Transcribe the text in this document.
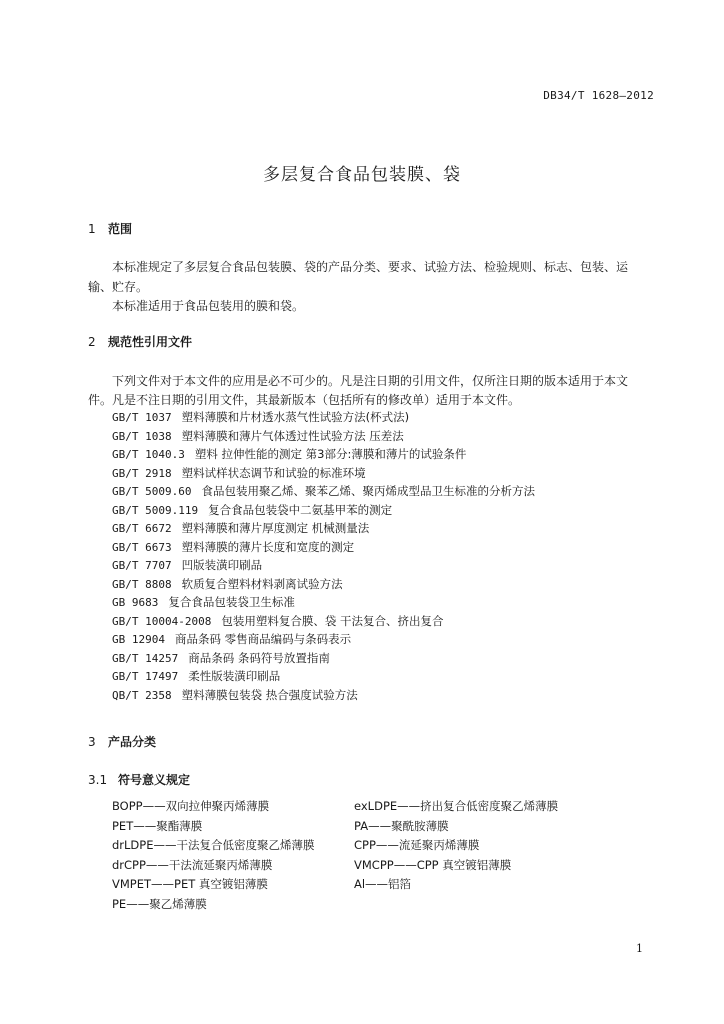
DB34/T 1628—2012
多层复合食品包装膜、袋
1 范围
本标准规定了多层复合食品包装膜、袋的产品分类、要求、试验方法、检验规则、标志、包装、运
输、贮存。
本标准适用于食品包装用的膜和袋。
2 规范性引用文件
下列文件对于本文件的应用是必不可少的。凡是注日期的引用文件，仅所注日期的版本适用于本文
件。凡是不注日期的引用文件，其最新版本（包括所有的修改单）适用于本文件。
GB/T 1037 塑料薄膜和片材透水蒸气性试验方法(杯式法)
GB/T 1038 塑料薄膜和薄片气体透过性试验方法 压差法
GB/T 1040.3 塑料 拉伸性能的测定 第3部分:薄膜和薄片的试验条件
GB/T 2918 塑料试样状态调节和试验的标准环境
GB/T 5009.60 食品包装用聚乙烯、聚苯乙烯、聚丙烯成型品卫生标准的分析方法
GB/T 5009.119 复合食品包装袋中二氨基甲苯的测定
GB/T 6672 塑料薄膜和薄片厚度测定 机械测量法
GB/T 6673 塑料薄膜的薄片长度和宽度的测定
GB/T 7707 凹版装潢印刷品
GB/T 8808 软质复合塑料材料剥离试验方法
GB 9683 复合食品包装袋卫生标准
GB/T 10004-2008 包装用塑料复合膜、袋 干法复合、挤出复合
GB 12904 商品条码 零售商品编码与条码表示
GB/T 14257 商品条码 条码符号放置指南
GB/T 17497 柔性版装潢印刷品
QB/T 2358 塑料薄膜包装袋 热合强度试验方法
3 产品分类
3.1 符号意义规定
BOPP——双向拉伸聚丙烯薄膜
PET——聚酯薄膜
drLDPE——干法复合低密度聚乙烯薄膜
drCPP——干法流延聚丙烯薄膜
VMPET——PET 真空镀铝薄膜
PE——聚乙烯薄膜
exLDPE——挤出复合低密度聚乙烯薄膜
PA——聚酰胺薄膜
CPP——流延聚丙烯薄膜
VMCPP——CPP 真空镀铝薄膜
Al——铝箔
1
